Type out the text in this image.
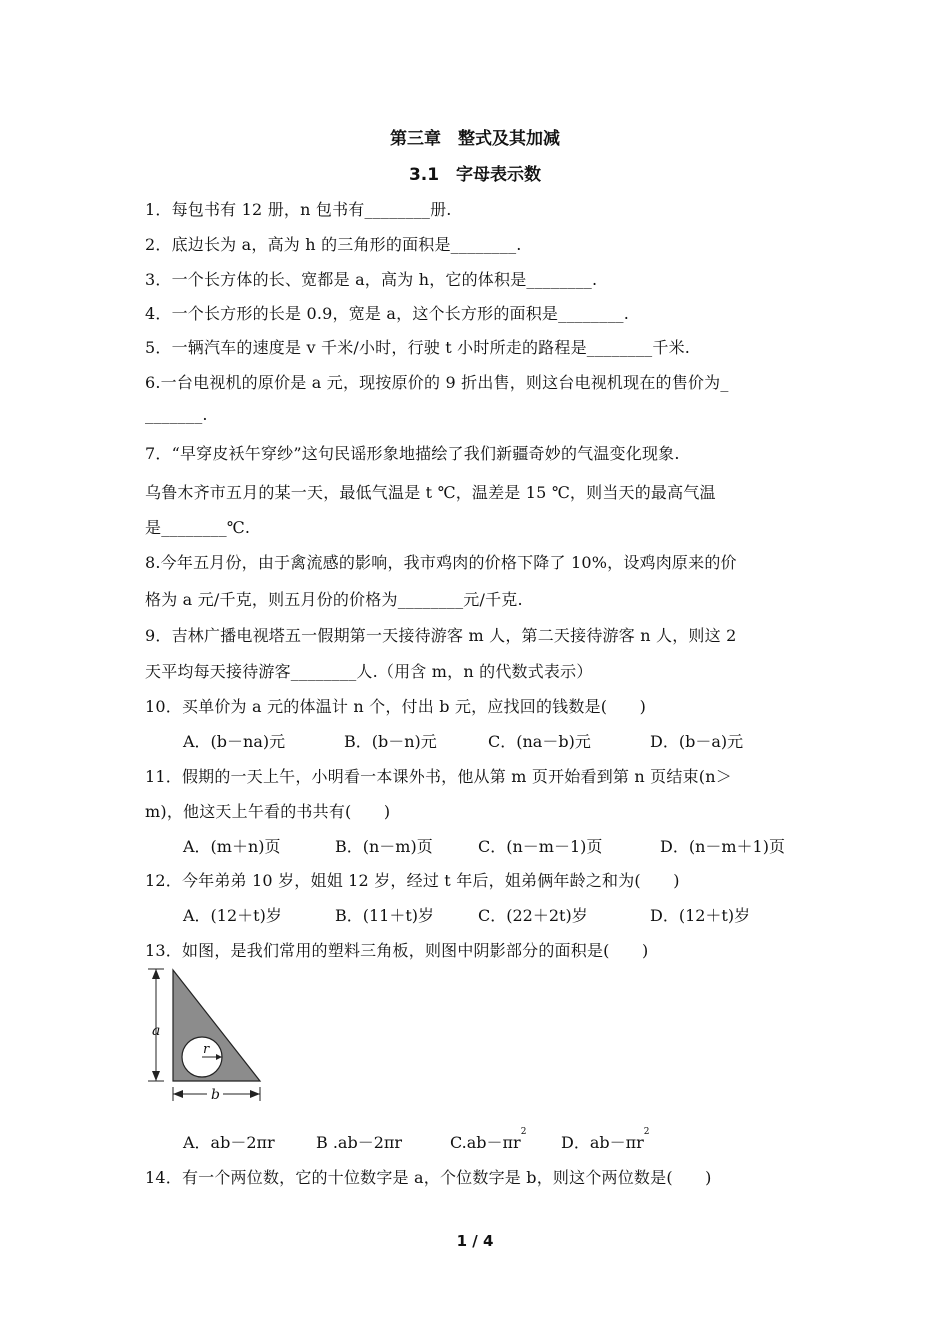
第三章　整式及其加减
3.1　字母表示数
1．每包书有 12 册，n 包书有________册.
2．底边长为 a，高为 h 的三角形的面积是________.
3．一个长方体的长、宽都是 a，高为 h，它的体积是________.
4．一个长方形的长是 0.9，宽是 a，这个长方形的面积是________.
5．一辆汽车的速度是 v 千米/小时，行驶 t 小时所走的路程是________千米.
6.一台电视机的原价是 a 元，现按原价的 9 折出售，则这台电视机现在的售价为_
_______.
7．“早穿皮袄午穿纱”这句民谣形象地描绘了我们新疆奇妙的气温变化现象.
乌鲁木齐市五月的某一天，最低气温是 t ℃，温差是 15 ℃，则当天的最高气温
是________℃.
8.今年五月份，由于禽流感的影响，我市鸡肉的价格下降了 10%，设鸡肉原来的价
格为 a 元/千克，则五月份的价格为________元/千克.
9．吉林广播电视塔五一假期第一天接待游客 m 人，第二天接待游客 n 人，则这 2
天平均每天接待游客________人.（用含 m，n 的代数式表示）
10．买单价为 a 元的体温计 n 个，付出 b 元，应找回的钱数是(　　)
A．(b－na)元	B．(b－n)元	C．(na－b)元	D．(b－a)元
11．假期的一天上午，小明看一本课外书，他从第 m 页开始看到第 n 页结束(n＞
m)，他这天上午看的书共有(　　)
A．(m＋n)页	B．(n－m)页	C．(n－m－1)页	D．(n－m＋1)页
12．今年弟弟 10 岁，姐姐 12 岁，经过 t 年后，姐弟俩年龄之和为(　　)
A．(12＋t)岁	B．(11＋t)岁	C．(22＋2t)岁	D．(12＋t)岁
13．如图，是我们常用的塑料三角板，则图中阴影部分的面积是(　　)
a
r
b
A．ab－2πr	B .ab－2πr	$C.ab-\pi r^2$
D．$ab-\pi r^2$
14．有一个两位数，它的十位数字是 a，个位数字是 b，则这个两位数是(　　)
1 / 4
